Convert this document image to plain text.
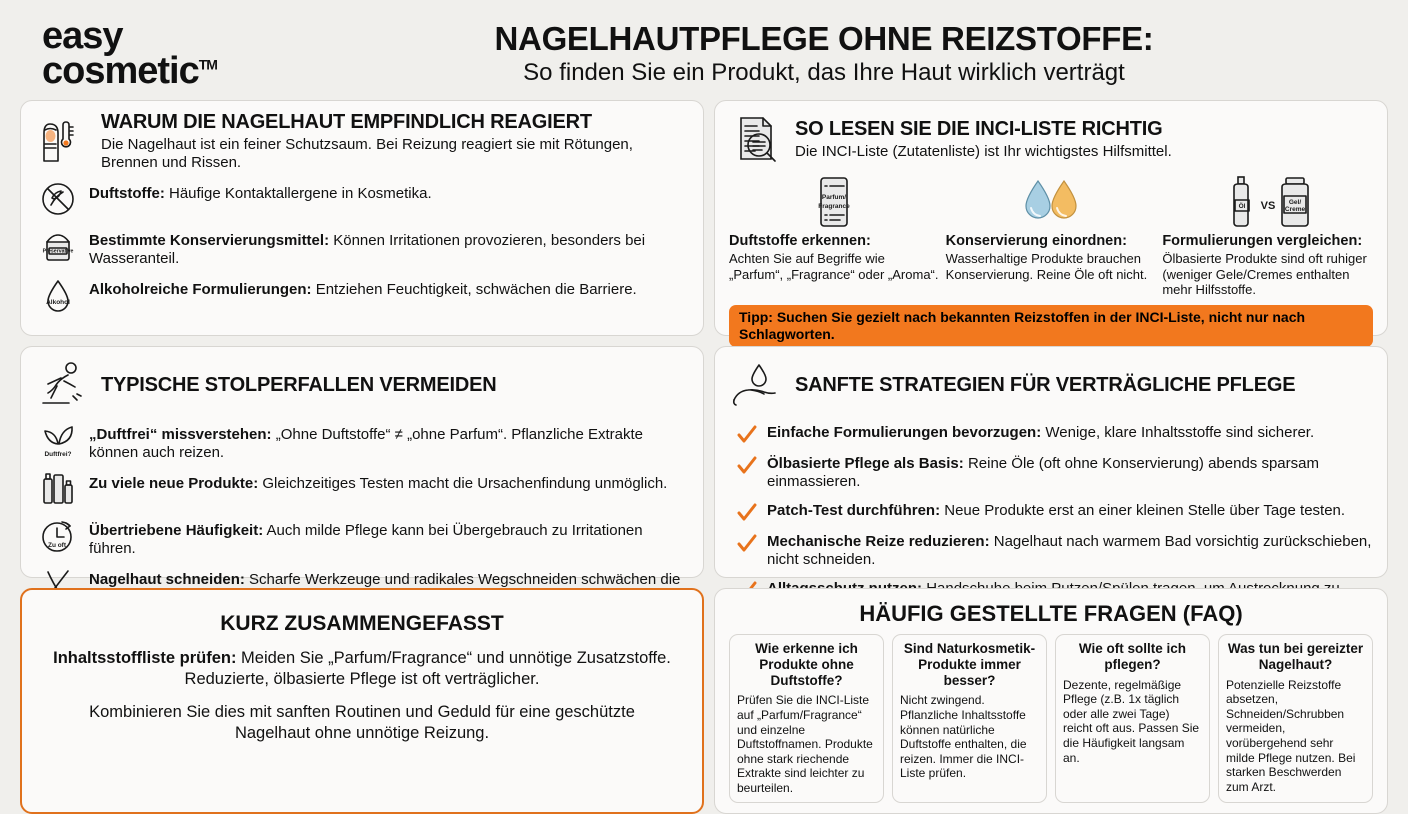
easy
cosmetic™
NAGELHAUTPFLEGE OHNE REIZSTOFFE:
So finden Sie ein Produkt, das Ihre Haut wirklich verträgt
WARUM DIE NAGELHAUT EMPFINDLICH REAGIERT

Die Nagelhaut ist ein feiner Schutzsaum. Bei Reizung reagiert sie mit Rötungen, Brennen und Rissen.

Duftstoffe: Häufige Kontaktallergene in Kosmetika.
Preservative
Bestimmte Konservierungsmittel: Können Irritationen provozieren, besonders bei Wasseranteil.
Alkohol
Alkoholreiche Formulierungen: Entziehen Feuchtigkeit, schwächen die Barriere.
SO LESEN SIE DIE INCI-LISTE RICHTIG

Die INCI-Liste (Zutatenliste) ist Ihr wichtigstes Hilfsmittel.

Parfum/
Fragrance
Duftstoffe erkennen:
Achten Sie auf Begriffe wie „Parfum“, „Fragrance“ oder „Aroma“.
Konservierung einordnen:
Wasserhaltige Produkte brauchen Konservierung. Reine Öle oft nicht.
Öl VS Gel/
Creme
Formulierungen vergleichen:
Ölbasierte Produkte sind oft ruhiger (weniger Gele/Cremes enthalten mehr Hilfsstoffe.
Tipp: Suchen Sie gezielt nach bekannten Reizstoffen in der INCI-Liste, nicht nur nach Schlagworten.
TYPISCHE STOLPERFALLEN VERMEIDEN
Duftfrei?
„Duftfrei“ missverstehen: „Ohne Duftstoffe“ ≠ „ohne Parfum“. Pflanzliche Extrakte können auch reizen.
Zu viele neue Produkte: Gleichzeitiges Testen macht die Ursachenfindung unmöglich.
Zu oft
Übertriebene Häufigkeit: Auch milde Pflege kann bei Übergebrauch zu Irritationen führen.
Nagelhaut schneiden: Scharfe Werkzeuge und radikales Wegschneiden schwächen die
SANFTE STRATEGIEN FÜR VERTRÄGLICHE PFLEGE
Einfache Formulierungen bevorzugen: Wenige, klare Inhaltsstoffe sind sicherer.
Ölbasierte Pflege als Basis: Reine Öle (oft ohne Konservierung) abends sparsam einmassieren.
Patch-Test durchführen: Neue Produkte erst an einer kleinen Stelle über Tage testen.
Mechanische Reize reduzieren: Nagelhaut nach warmem Bad vorsichtig zurückschieben, nicht schneiden.
KURZ ZUSAMMENGEFASST
Inhaltsstoffliste prüfen: Meiden Sie „Parfum/Fragrance“ und unnötige Zusatzstoffe. Reduzierte, ölbasierte Pflege ist oft verträglicher.
Kombinieren Sie dies mit sanften Routinen und Geduld für eine geschützte Nagelhaut ohne unnötige Reizung.
HÄUFIG GESTELLTE FRAGEN (FAQ)
Wie erkenne ich Produkte ohne Duftstoffe?
Prüfen Sie die INCI-Liste auf „Parfum/Fragrance“ und einzelne Duftstoffnamen. Produkte ohne stark riechende Extrakte sind leichter zu beurteilen.
Sind Naturkosmetik-Produkte immer besser?
Nicht zwingend. Pflanzliche Inhaltsstoffe können natürliche Duftstoffe enthalten, die reizen. Immer die INCI-Liste prüfen.
Wie oft sollte ich pflegen?
Dezente, regelmäßige Pflege (z.B. 1x täglich oder alle zwei Tage) reicht oft aus. Passen Sie die Häufigkeit langsam an.
Was tun bei gereizter Nagelhaut?
Potenzielle Reizstoffe absetzen, Schneiden/Schrubben vermeiden, vorübergehend sehr milde Pflege nutzen. Bei starken Beschwerden zum Arzt.
